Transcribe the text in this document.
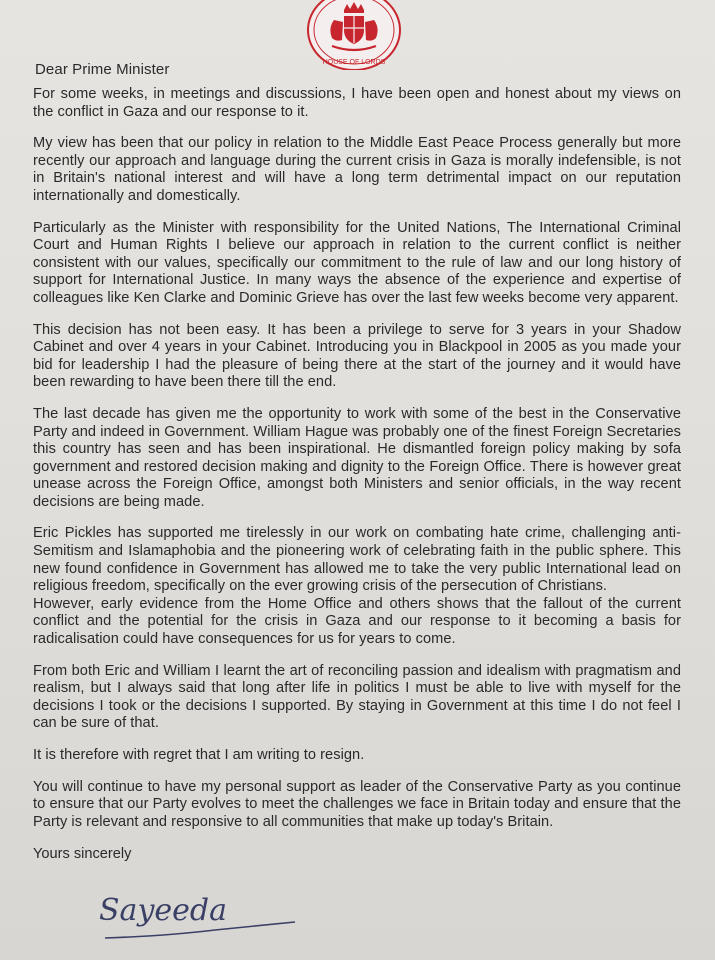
HOUSE OF LORDS

Dear Prime Minister

For some weeks, in meetings and discussions, I have been open and honest about my views on the conflict in Gaza and our response to it.

My view has been that our policy in relation to the Middle East Peace Process generally but more recently our approach and language during the current crisis in Gaza is morally indefensible, is not in Britain's national interest and will have a long term detrimental impact on our reputation internationally and domestically.

Particularly as the Minister with responsibility for the United Nations, The International Criminal Court and Human Rights I believe our approach in relation to the current conflict is neither consistent with our values, specifically our commitment to the rule of law and our long history of support for International Justice. In many ways the absence of the experience and expertise of colleagues like Ken Clarke and Dominic Grieve has over the last few weeks become very apparent.

This decision has not been easy. It has been a privilege to serve for 3 years in your Shadow Cabinet and over 4 years in your Cabinet. Introducing you in Blackpool in 2005 as you made your bid for leadership I had the pleasure of being there at the start of the journey and it would have been rewarding to have been there till the end.

The last decade has given me the opportunity to work with some of the best in the Conservative Party and indeed in Government. William Hague was probably one of the finest Foreign Secretaries this country has seen and has been inspirational. He dismantled foreign policy making by sofa government and restored decision making and dignity to the Foreign Office. There is however great unease across the Foreign Office, amongst both Ministers and senior officials, in the way recent decisions are being made.

Eric Pickles has supported me tirelessly in our work on combating hate crime, challenging anti-Semitism and Islamaphobia and the pioneering work of celebrating faith in the public sphere. This new found confidence in Government has allowed me to take the very public International lead on religious freedom, specifically on the ever growing crisis of the persecution of Christians.

However, early evidence from the Home Office and others shows that the fallout of the current conflict and the potential for the crisis in Gaza and our response to it becoming a basis for radicalisation could have consequences for us for years to come.

From both Eric and William I learnt the art of reconciling passion and idealism with pragmatism and realism, but I always said that long after life in politics I must be able to live with myself for the decisions I took or the decisions I supported. By staying in Government at this time I do not feel I can be sure of that.

It is therefore with regret that I am writing to resign.

You will continue to have my personal support as leader of the Conservative Party as you continue to ensure that our Party evolves to meet the challenges we face in Britain today and ensure that the Party is relevant and responsive to all communities that make up today's Britain.

Yours sincerely

Sayeeda
